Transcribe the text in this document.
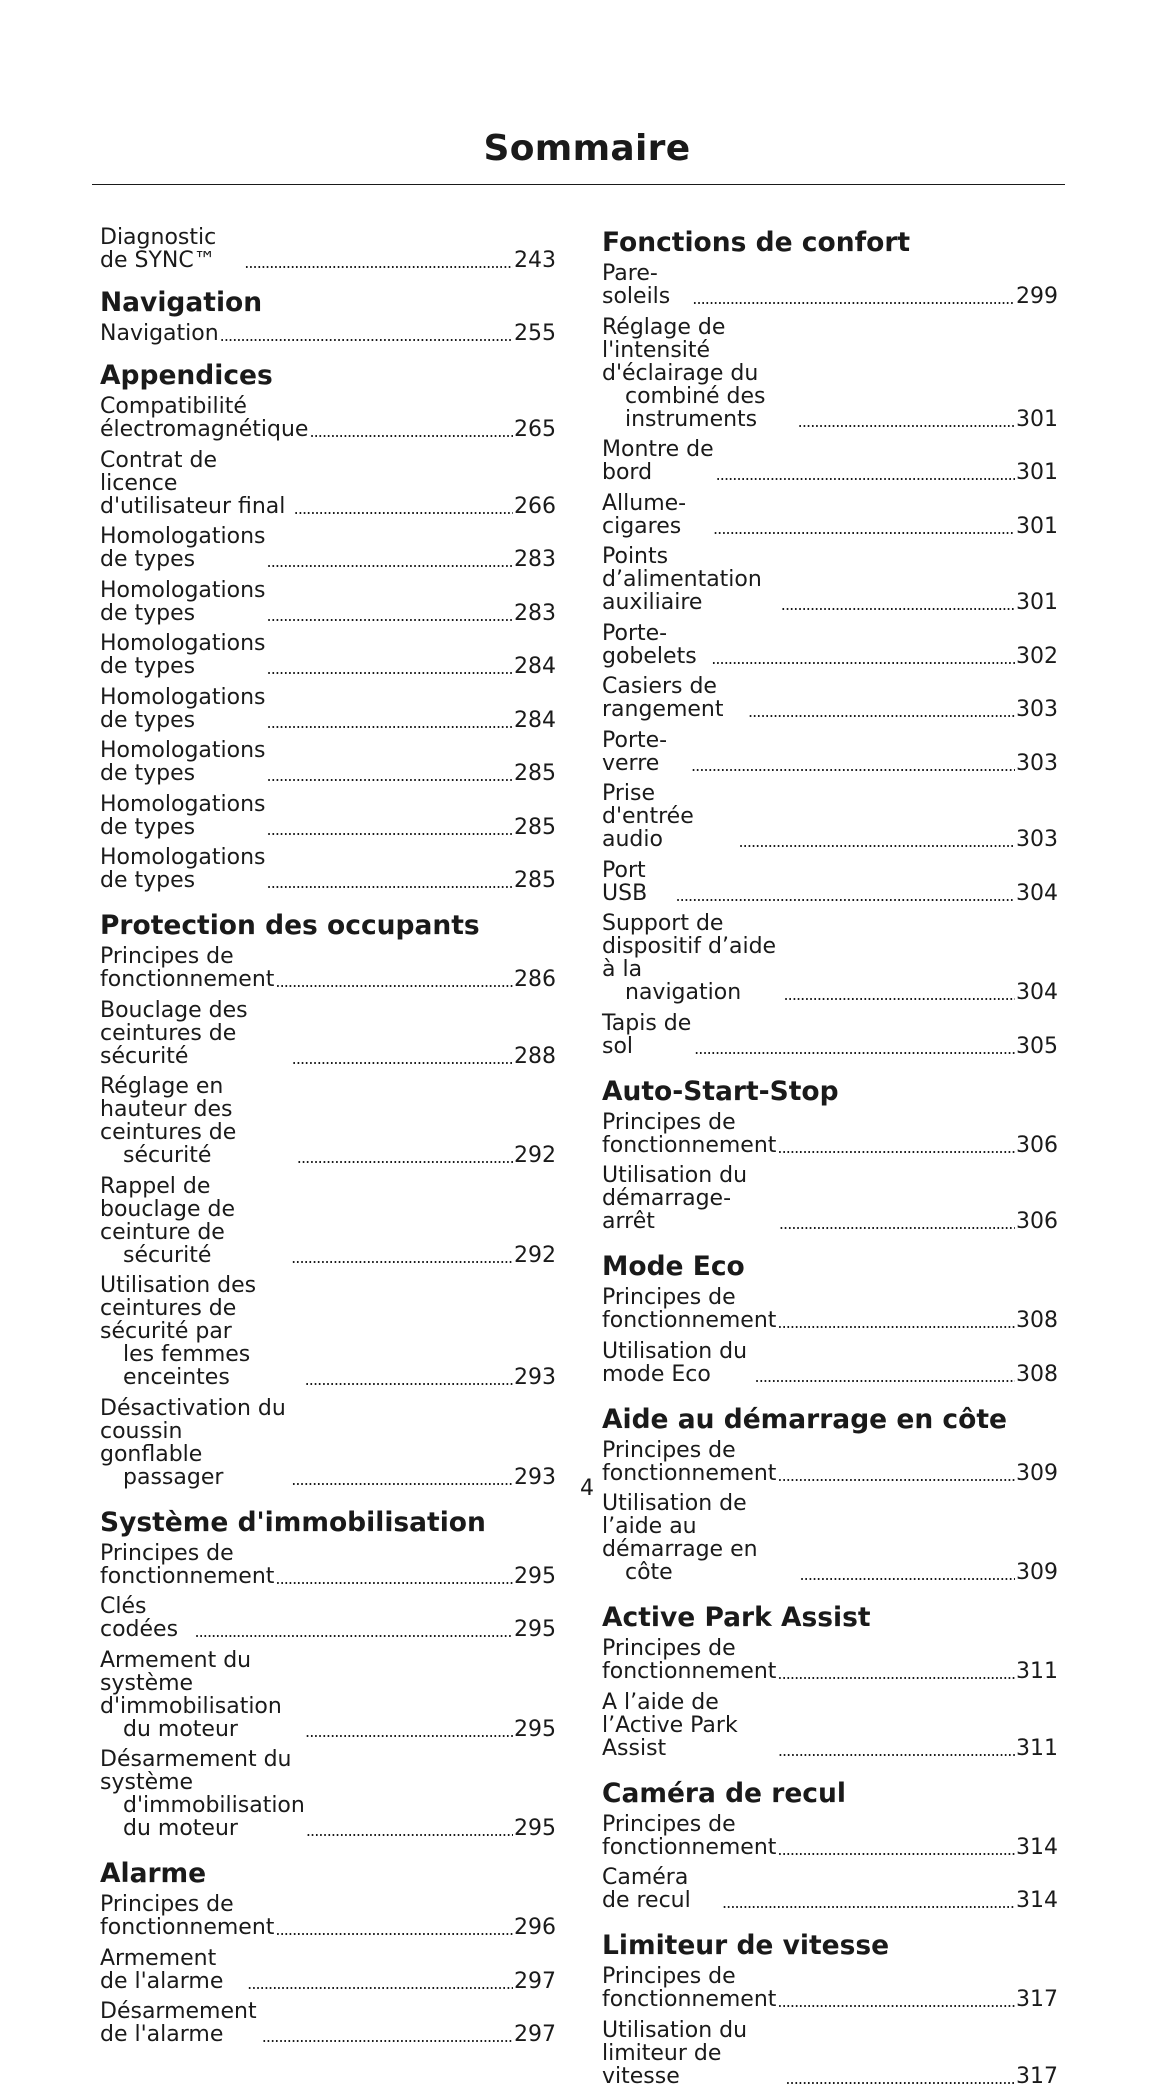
Sommaire
Diagnostic de SYNC™ . . .	243
Navigation
Navigation . . .	255
Appendices
Compatibilité électromagnétique . . .	265
Contrat de licence d'utilisateur final . . .	266
Homologations de types . . .	283
Homologations de types . . .	283
Homologations de types . . .	284
Homologations de types . . .	284
Homologations de types . . .	285
Homologations de types . . .	285
Homologations de types . . .	285
Protection des occupants
Principes de fonctionnement . . .	286
Bouclage des ceintures de sécurité . . .	288
Réglage en hauteur des ceintures de
sécurité . . .	292
Rappel de bouclage de ceinture de
sécurité . . .	292
Utilisation des ceintures de sécurité par
les femmes enceintes . . .	293
Désactivation du coussin gonflable
passager . . .	293
Système d'immobilisation
Principes de fonctionnement . . .	295
Clés codées . . .	295
Armement du système d'immobilisation
du moteur . . .	295
Désarmement du système
d'immobilisation du moteur . . .	295
Alarme
Principes de fonctionnement . . .	296
Armement de l'alarme . . .	297
Désarmement de l'alarme . . .	297
Fonctions de confort
Pare-soleils . . .	299
Réglage de l'intensité d'éclairage du
combiné des instruments . . .	301
Montre de bord . . .	301
Allume-cigares . . .	301
Points d’alimentation auxiliaire . . .	301
Porte-gobelets . . .	302
Casiers de rangement . . .	303
Porte-verre . . .	303
Prise d'entrée audio . . .	303
Port USB . . .	304
Support de dispositif d’aide à la
navigation . . .	304
Tapis de sol . . .	305
Auto-Start-Stop
Principes de fonctionnement . . .	306
Utilisation du démarrage-arrêt . . .	306
Mode Eco
Principes de fonctionnement . . .	308
Utilisation du mode Eco . . .	308
Aide au démarrage en côte
Principes de fonctionnement . . .	309
Utilisation de l’aide au démarrage en
côte . . .	309
Active Park Assist
Principes de fonctionnement . . .	311
A l’aide de l’Active Park Assist . . .	311
Caméra de recul
Principes de fonctionnement . . .	314
Caméra de recul . . .	314
Limiteur de vitesse
Principes de fonctionnement . . .	317
Utilisation du limiteur de vitesse . . .	317
4
